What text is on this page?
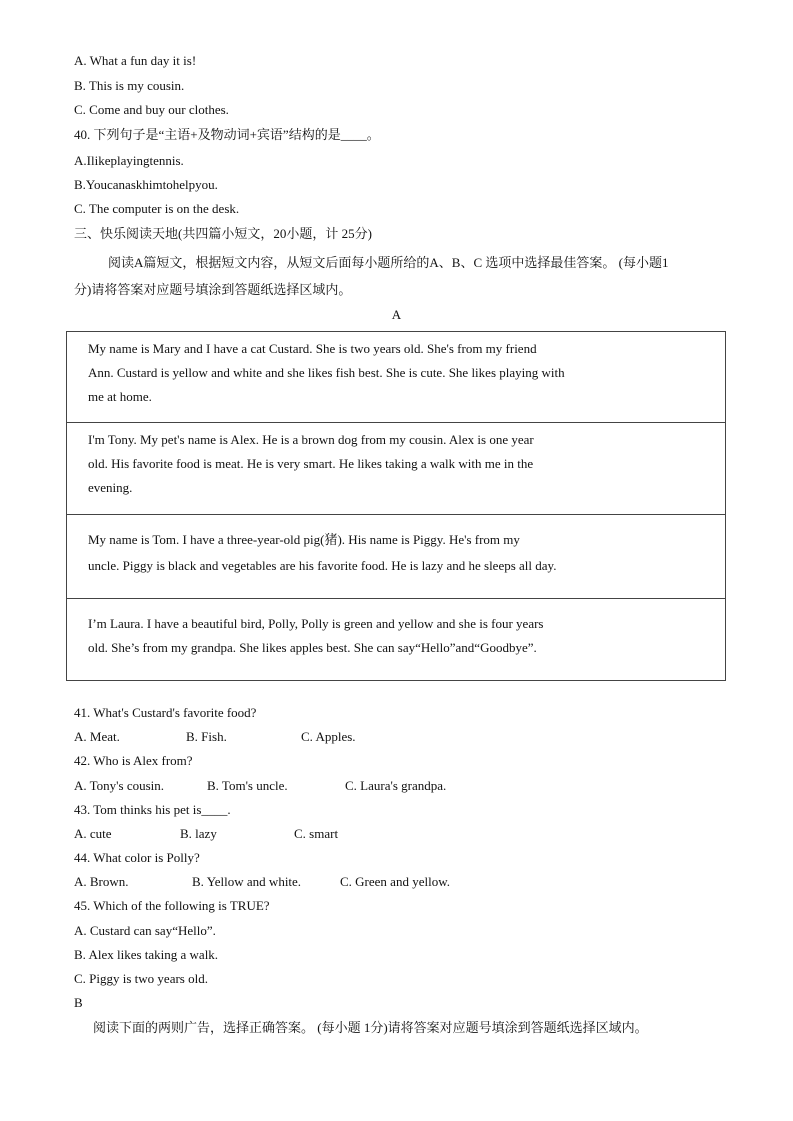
A. What a fun day it is!
B. This is my cousin.
C. Come and buy our clothes.
40. 下列句子是“主语+及物动词+宾语”结构的是____。
A.Ilikeplayingtennis.
B.Youcanaskhimtohelpyou.
C. The computer is on the desk.
三、快乐阅读天地(共四篇小短文，20小题，计 25分)
阅读A篇短文，根据短文内容，从短文后面每小题所给的A、B、C 选项中选择最佳答案。 (每小题1
分)请将答案对应题号填涂到答题纸选择区域内。
A
My name is Mary and I have a cat Custard. She is two years old. She's from my friend
Ann. Custard is yellow and white and she likes fish best. She is cute. She likes playing with
me at home.
I'm Tony. My pet's name is Alex. He is a brown dog from my cousin. Alex is one year
old. His favorite food is meat. He is very smart. He likes taking a walk with me in the
evening.
My name is Tom. I have a three-year-old pig(猪). His name is Piggy. He's from my
uncle. Piggy is black and vegetables are his favorite food. He is lazy and he sleeps all day.
I’m Laura. I have a beautiful bird, Polly, Polly is green and yellow and she is four years
old. She’s from my grandpa. She likes apples best. She can say“Hello”and“Goodbye”.
41. What's Custard's favorite food?
A. Meat.	B. Fish.	C. Apples.
42. Who is Alex from?
A. Tony's cousin.	B. Tom's uncle.	C. Laura's grandpa.
43. Tom thinks his pet is____.
A. cute	B. lazy	C. smart
44. What color is Polly?
A. Brown.	B. Yellow and white.	C. Green and yellow.
45. Which of the following is TRUE?
A. Custard can say“Hello”.
B. Alex likes taking a walk.
C. Piggy is two years old.
B
阅读下面的两则广告，选择正确答案。 (每小题 1分)请将答案对应题号填涂到答题纸选择区域内。
